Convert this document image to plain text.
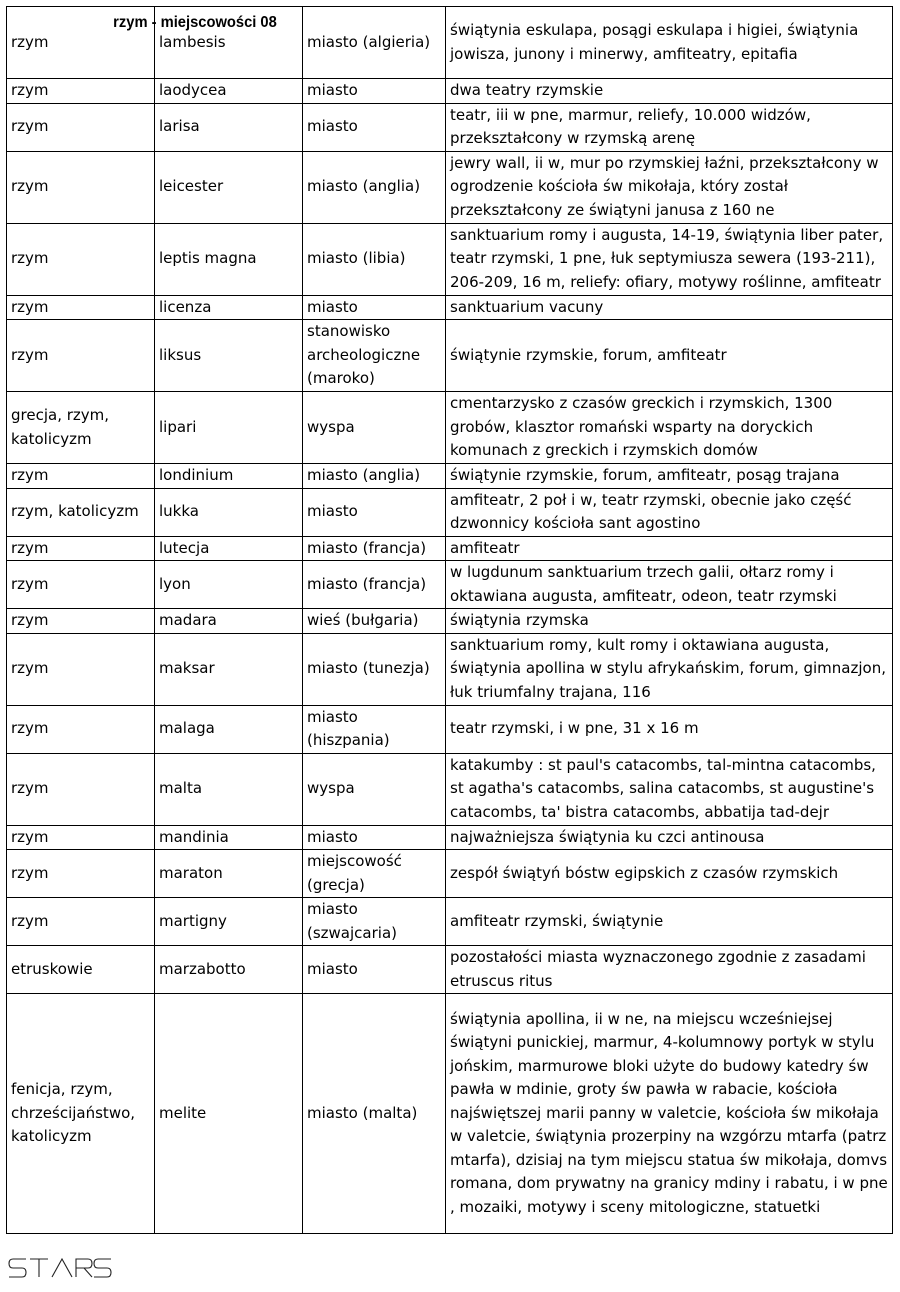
rzym	lambesis	miasto (algieria)	świątynia eskulapa, posągi eskulapa i higiei, świątynia jowisza, junony i minerwy, amfiteatry, epitafia
rzym	laodycea	miasto	dwa teatry rzymskie
rzym	larisa	miasto	teatr, iii w pne, marmur, reliefy, 10.000 widzów, przekształcony w rzymską arenę
rzym	leicester	miasto (anglia)	jewry wall, ii w, mur po rzymskiej łaźni, przekształcony w ogrodzenie kościoła św mikołaja, który został przekształcony ze świątyni janusa z 160 ne
rzym	leptis magna	miasto (libia)	sanktuarium romy i augusta, 14-19, świątynia liber pater, teatr rzymski, 1 pne, łuk septymiusza sewera (193-211), 206-209, 16 m, reliefy: ofiary, motywy roślinne, amfiteatr
rzym	licenza	miasto	sanktuarium vacuny
rzym	liksus	stanowisko archeologiczne (maroko)	świątynie rzymskie, forum, amfiteatr
grecja, rzym, katolicyzm	lipari	wyspa	cmentarzysko z czasów greckich i rzymskich, 1300 grobów, klasztor romański wsparty na doryckich komunach z greckich i rzymskich domów
rzym	londinium	miasto (anglia)	świątynie rzymskie, forum, amfiteatr, posąg trajana
rzym, katolicyzm	lukka	miasto	amfiteatr, 2 poł i w, teatr rzymski, obecnie jako część dzwonnicy kościoła sant agostino
rzym	lutecja	miasto (francja)	amfiteatr
rzym	lyon	miasto (francja)	w lugdunum sanktuarium trzech galii, ołtarz romy i oktawiana augusta, amfiteatr, odeon, teatr rzymski
rzym	madara	wieś (bułgaria)	świątynia rzymska
rzym	maksar	miasto (tunezja)	sanktuarium romy, kult romy i oktawiana augusta, świątynia apollina w stylu afrykańskim, forum, gimnazjon, łuk triumfalny trajana, 116
rzym	malaga	miasto (hiszpania)	teatr rzymski, i w pne, 31 x 16 m
rzym	malta	wyspa	katakumby : st paul's catacombs, tal-mintna catacombs, st agatha's catacombs, salina catacombs, st augustine's catacombs, ta' bistra catacombs, abbatija tad-dejr
rzym	mandinia	miasto	najważniejsza świątynia ku czci antinousa
rzym	maraton	miejscowość (grecja)	zespół świątyń bóstw egipskich z czasów rzymskich
rzym	martigny	miasto (szwajcaria)	amfiteatr rzymski, świątynie
etruskowie	marzabotto	miasto	pozostałości miasta wyznaczonego zgodnie z zasadami etruscus ritus
fenicja, rzym, chrześcijaństwo, katolicyzm	melite	miasto (malta)	świątynia apollina, ii w ne, na miejscu wcześniejsej świątyni punickiej, marmur, 4-kolumnowy portyk w stylu jońskim, marmurowe bloki użyte do budowy katedry św pawła w mdinie, groty św pawła w rabacie, kościoła najświętszej marii panny w valetcie, kościoła św mikołaja w valetcie, świątynia prozerpiny na wzgórzu mtarfa (patrz mtarfa), dzisiaj na tym miejscu statua św mikołaja, domvs romana, dom prywatny na granicy mdiny i rabatu, i w pne , mozaiki, motywy i sceny mitologiczne, statuetki
rzym - miejscowości 08
